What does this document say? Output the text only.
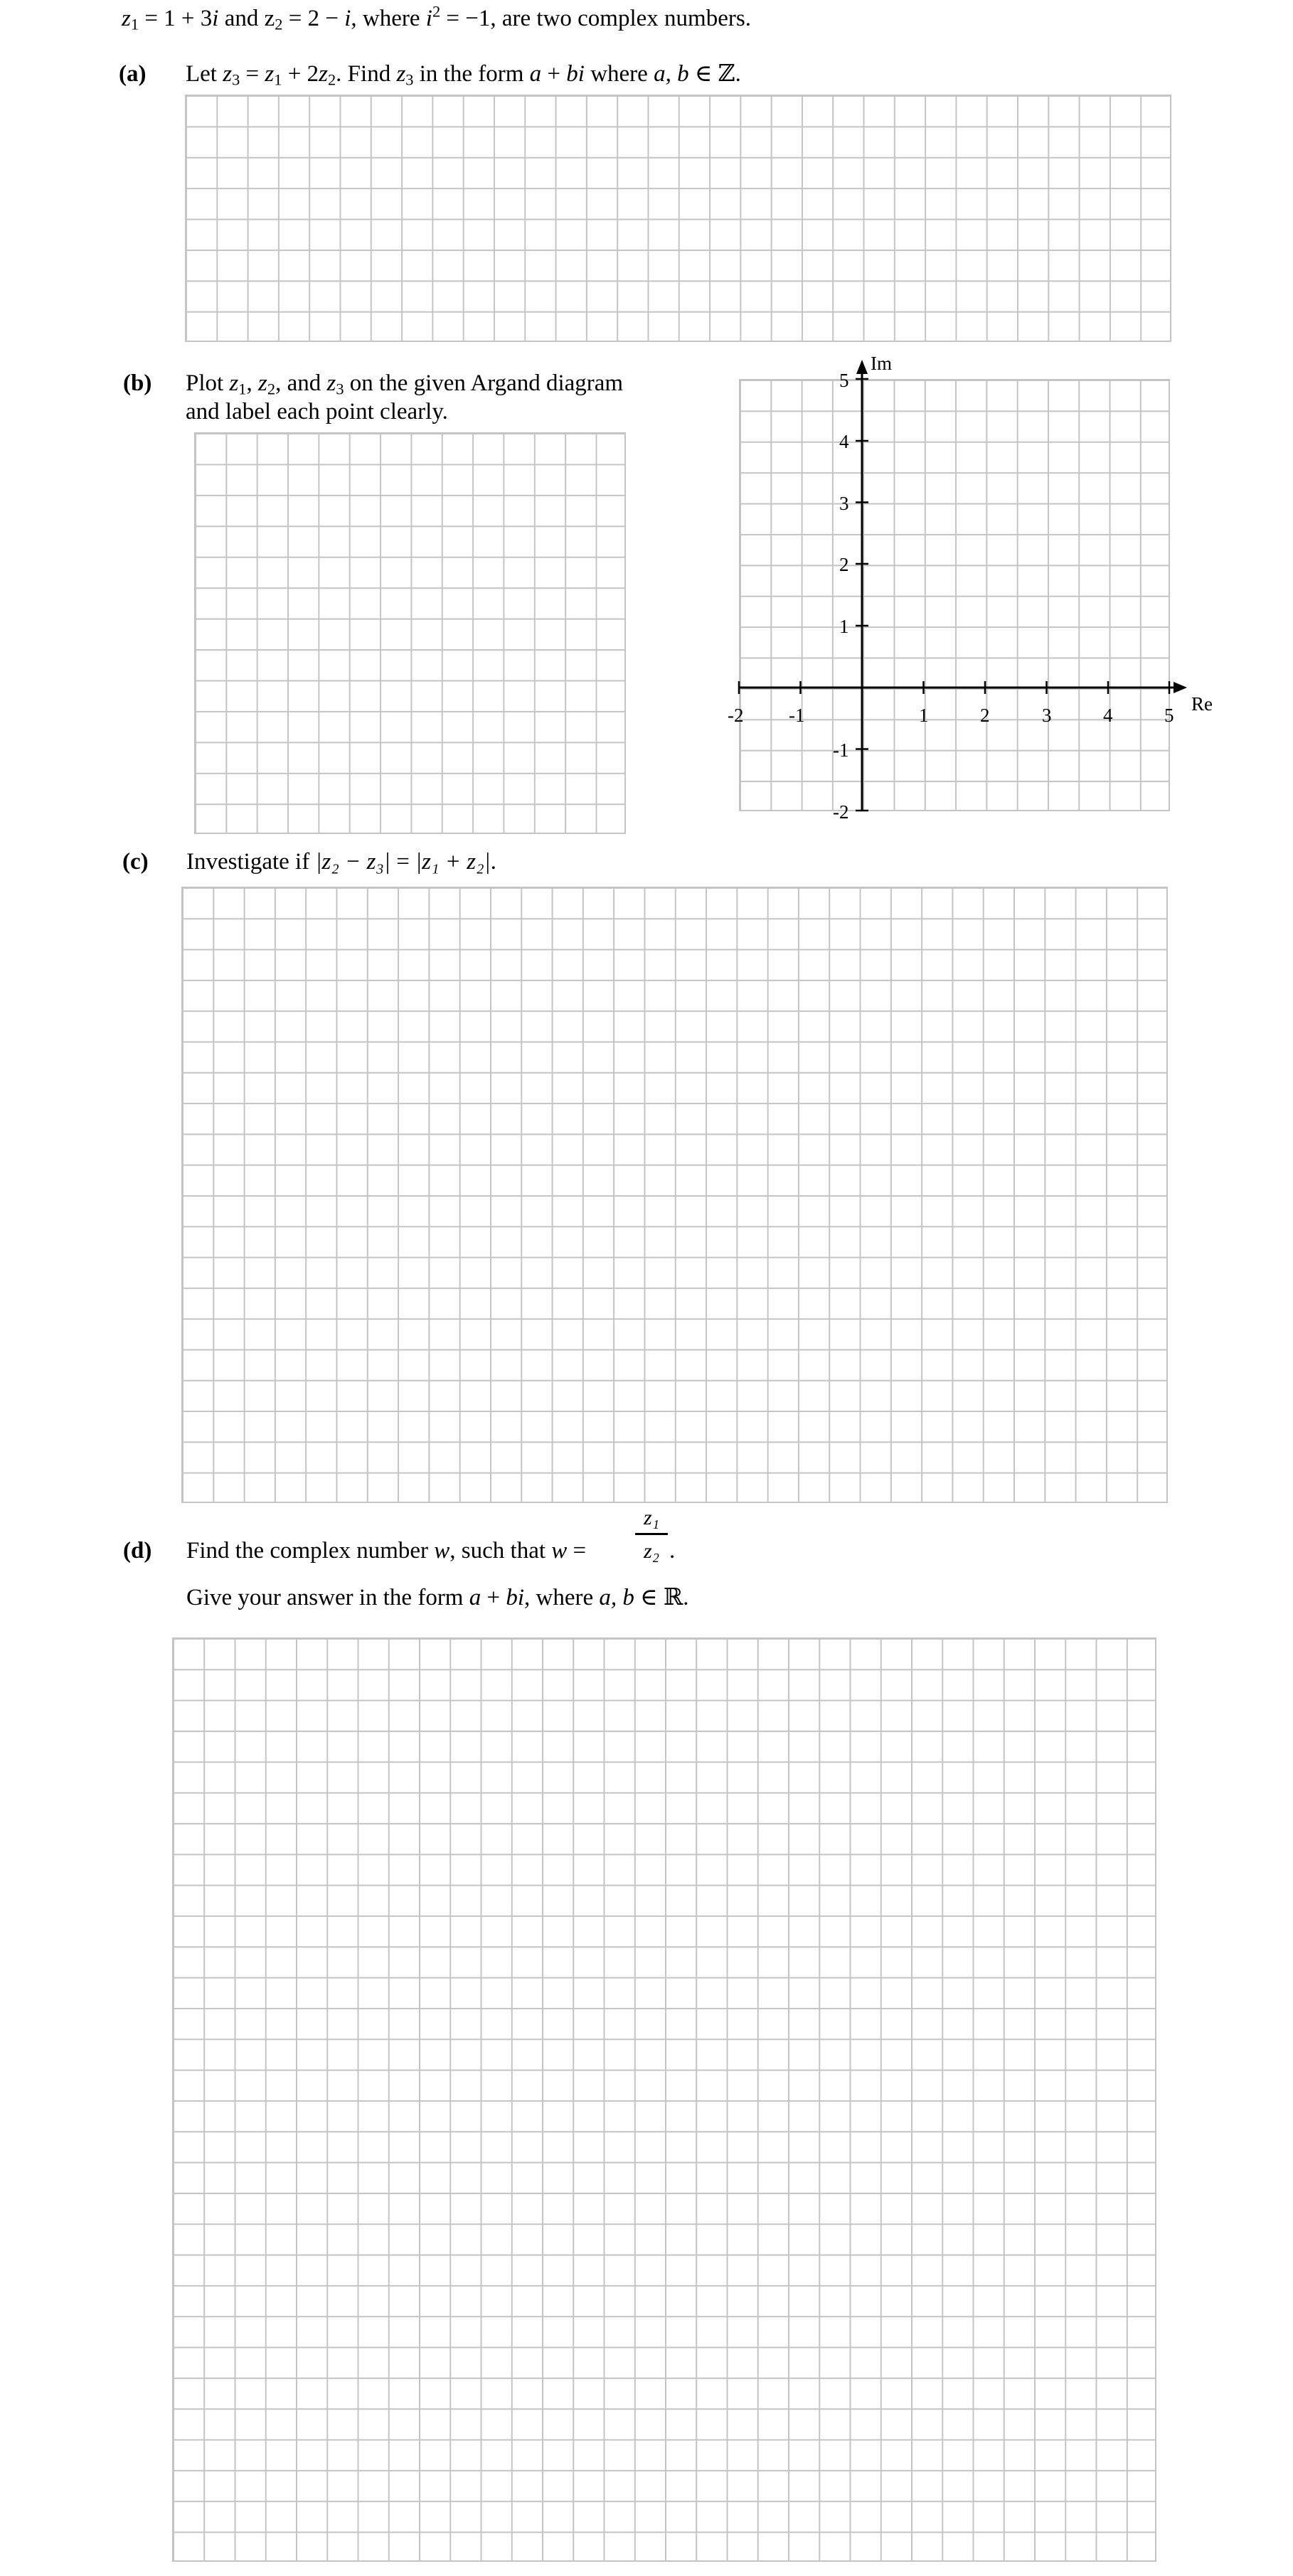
$z_1 = 1 + 3i$ and $z_2 = 2 - i$, where $i^2 = -1$, are two complex numbers.
(a) Let $z_3 = z_1 + 2z_2$. Find $z_3$ in the form a + bi where a, b ∈ ℤ.
(b) Plot $z_1$, $z_2$, and $z_3$ on the given Argand diagram
and label each point clearly.
Im
Re
-2 -1	1	2	3	4	5
5
4
3
2
1
-1
-2
(c) Investigate if |z₂ − z₃| = |z₁ + z₂|.
(d) Find the complex number w, such that $w = \frac{\text{z₁}}{\text{z₂}}$ .
Give your answer in the form a + bi, where a, b ∈ ℝ.
